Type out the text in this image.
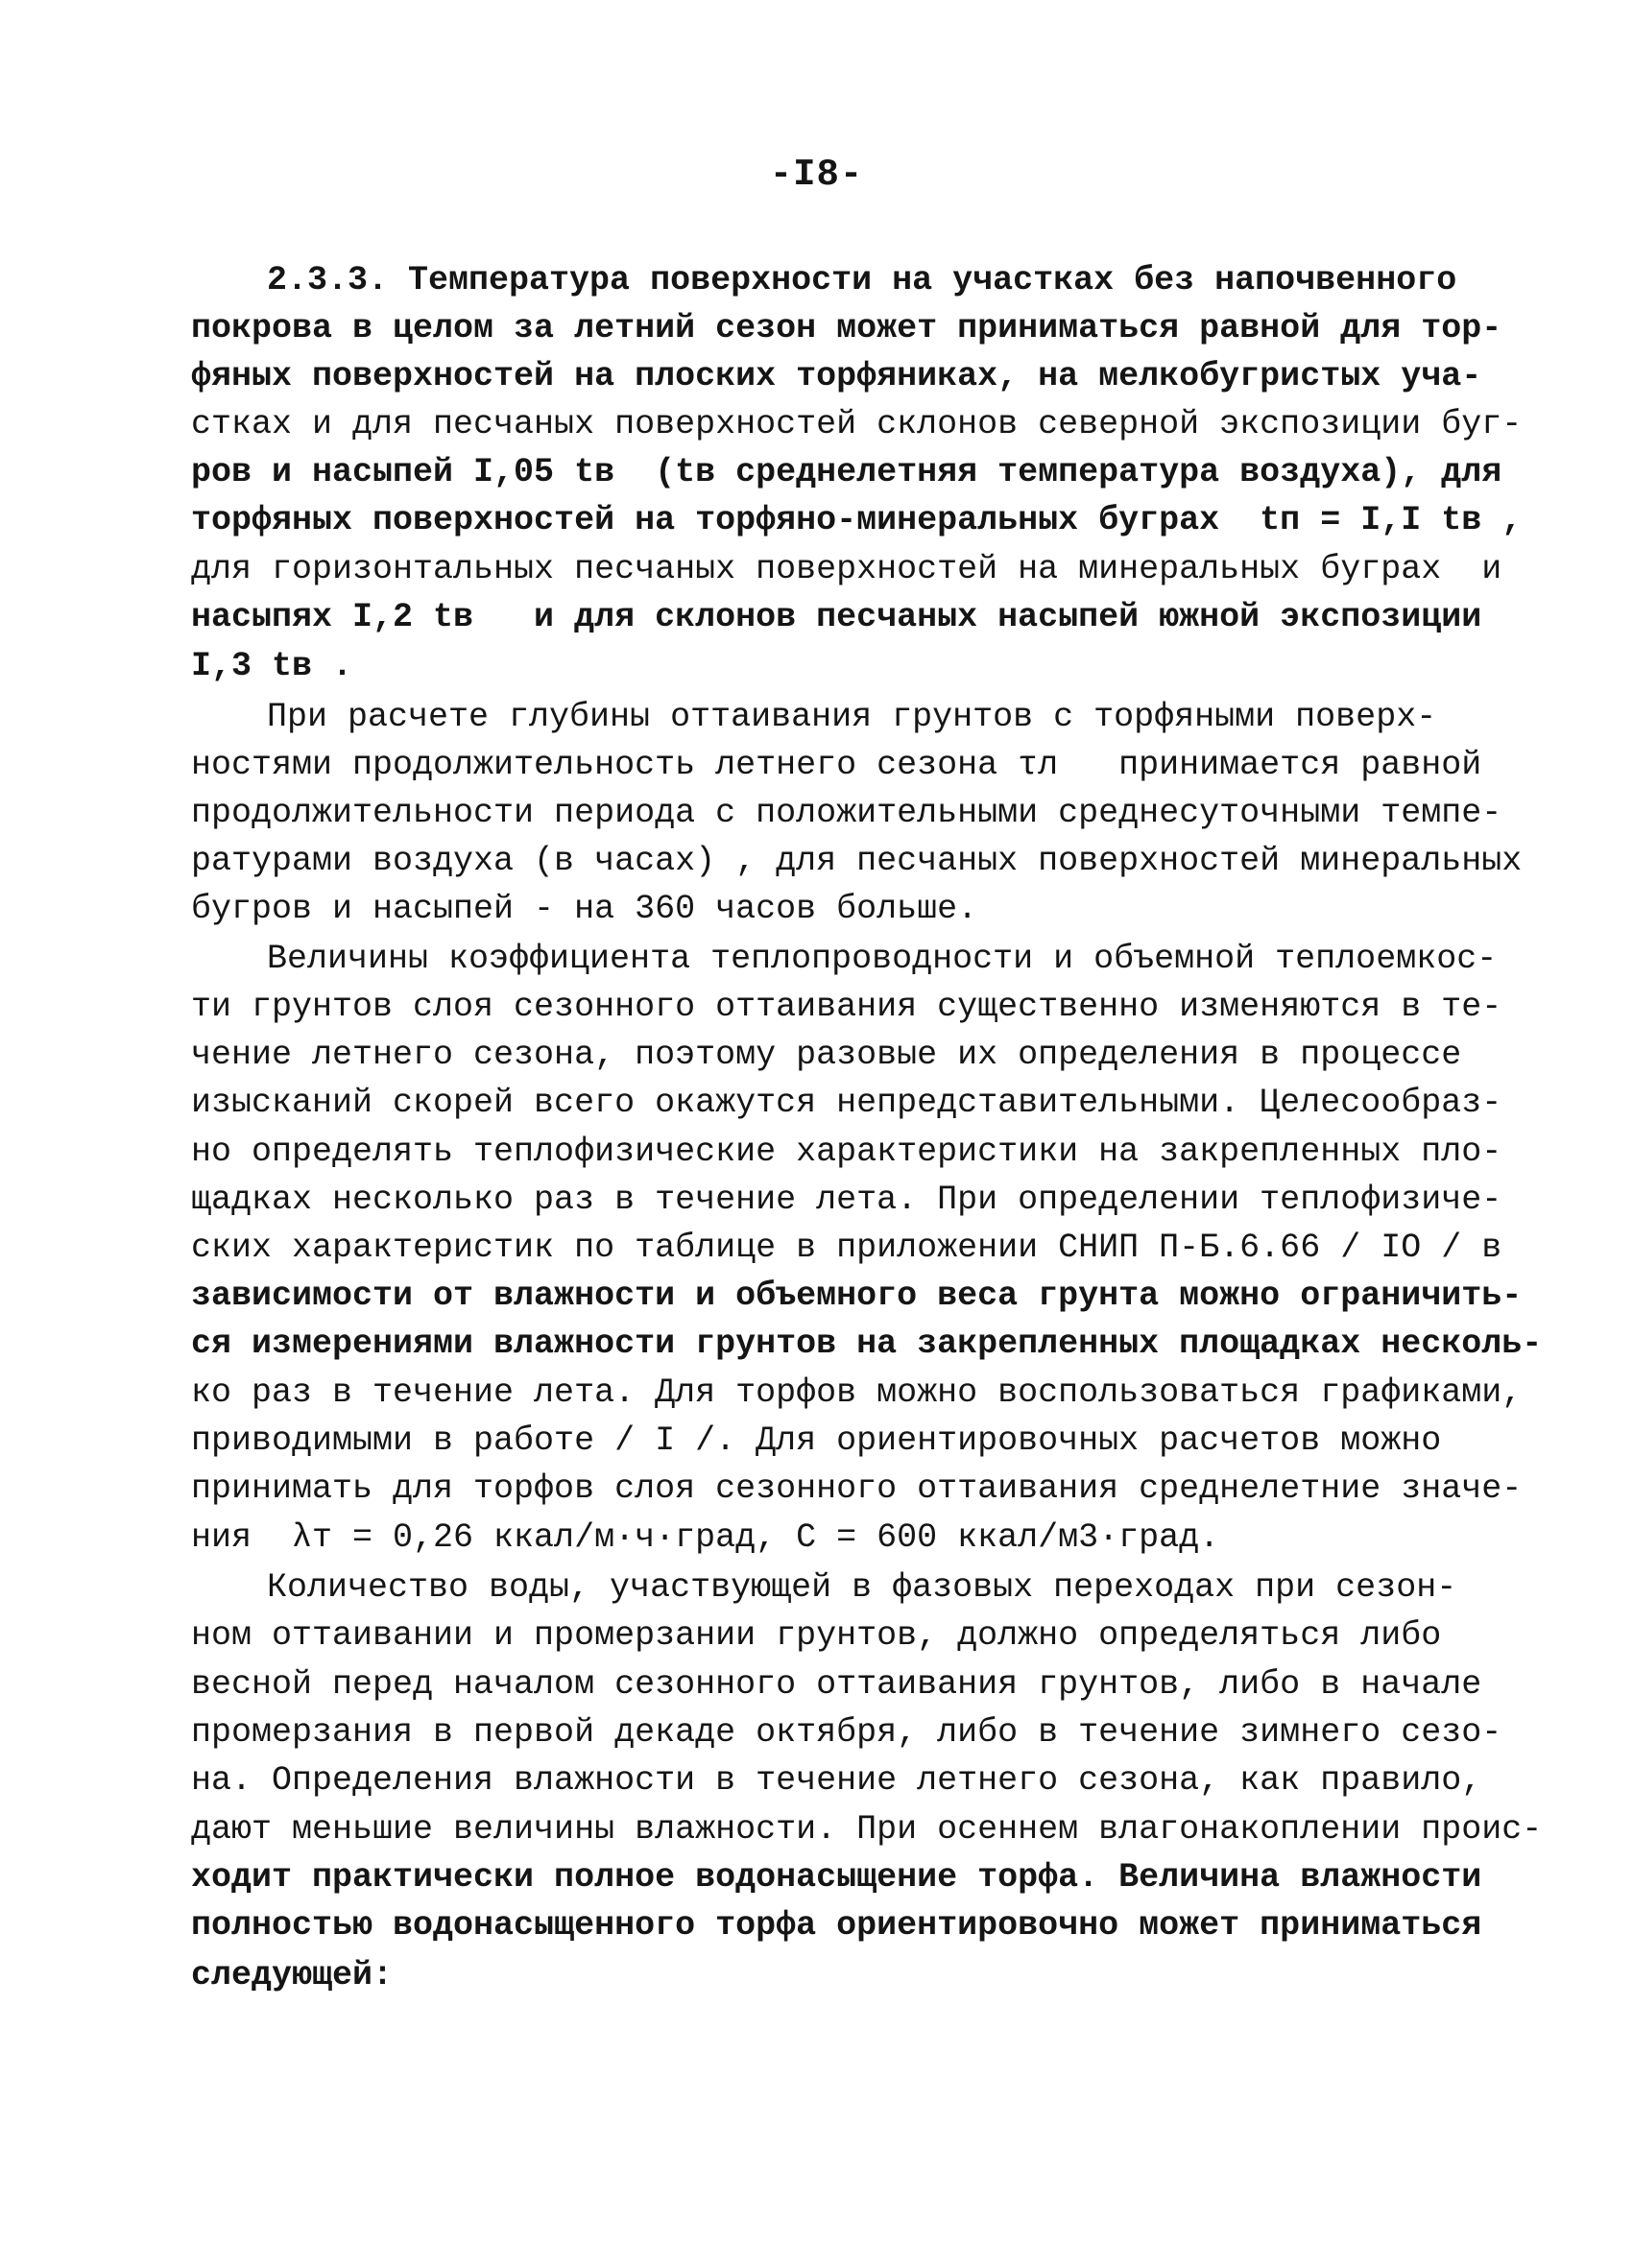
-I8-
2.3.3. Температура поверхности на участках без напочвенного
покрова в целом за летний сезон может приниматься равной для тор-
фяных поверхностей на плоских торфяниках, на мелкобугристых уча-
стках и для песчаных поверхностей склонов северной экспозиции буг-
ров и насыпей I,05 tв  (tв среднелетняя температура воздуха), для
торфяных поверхностей на торфяно-минеральных буграх  tп = I,I tв ,
для горизонтальных песчаных поверхностей на минеральных буграх  и
насыпях I,2 tв   и для склонов песчаных насыпей южной экспозиции
I,3 tв .
При расчете глубины оттаивания грунтов с торфяными поверх-
ностями продолжительность летнего сезона τл   принимается равной
продолжительности периода с положительными среднесуточными темпе-
ратурами воздуха (в часах) , для песчаных поверхностей минеральных
бугров и насыпей - на 360 часов больше.
Величины коэффициента теплопроводности и объемной теплоемкос-
ти грунтов слоя сезонного оттаивания существенно изменяются в те-
чение летнего сезона, поэтому разовые их определения в процессе
изысканий скорей всего окажутся непредставительными. Целесообраз-
но определять теплофизические характеристики на закрепленных пло-
щадках несколько раз в течение лета. При определении теплофизиче-
ских характеристик по таблице в приложении СНИП П-Б.6.66 / IO / в
зависимости от влажности и объемного веса грунта можно ограничить-
ся измерениями влажности грунтов на закрепленных площадках несколь-
ко раз в течение лета. Для торфов можно воспользоваться графиками,
приводимыми в работе / I /. Для ориентировочных расчетов можно
принимать для торфов слоя сезонного оттаивания среднелетние значе-
ния  λт = 0,26 ккал/м·ч·град, С = 600 ккал/м3·град.
Количество воды, участвующей в фазовых переходах при сезон-
ном оттаивании и промерзании грунтов, должно определяться либо
весной перед началом сезонного оттаивания грунтов, либо в начале
промерзания в первой декаде октября, либо в течение зимнего сезо-
на. Определения влажности в течение летнего сезона, как правило,
дают меньшие величины влажности. При осеннем влагонакоплении проис-
ходит практически полное водонасыщение торфа. Величина влажности
полностью водонасыщенного торфа ориентировочно может приниматься
следующей:
